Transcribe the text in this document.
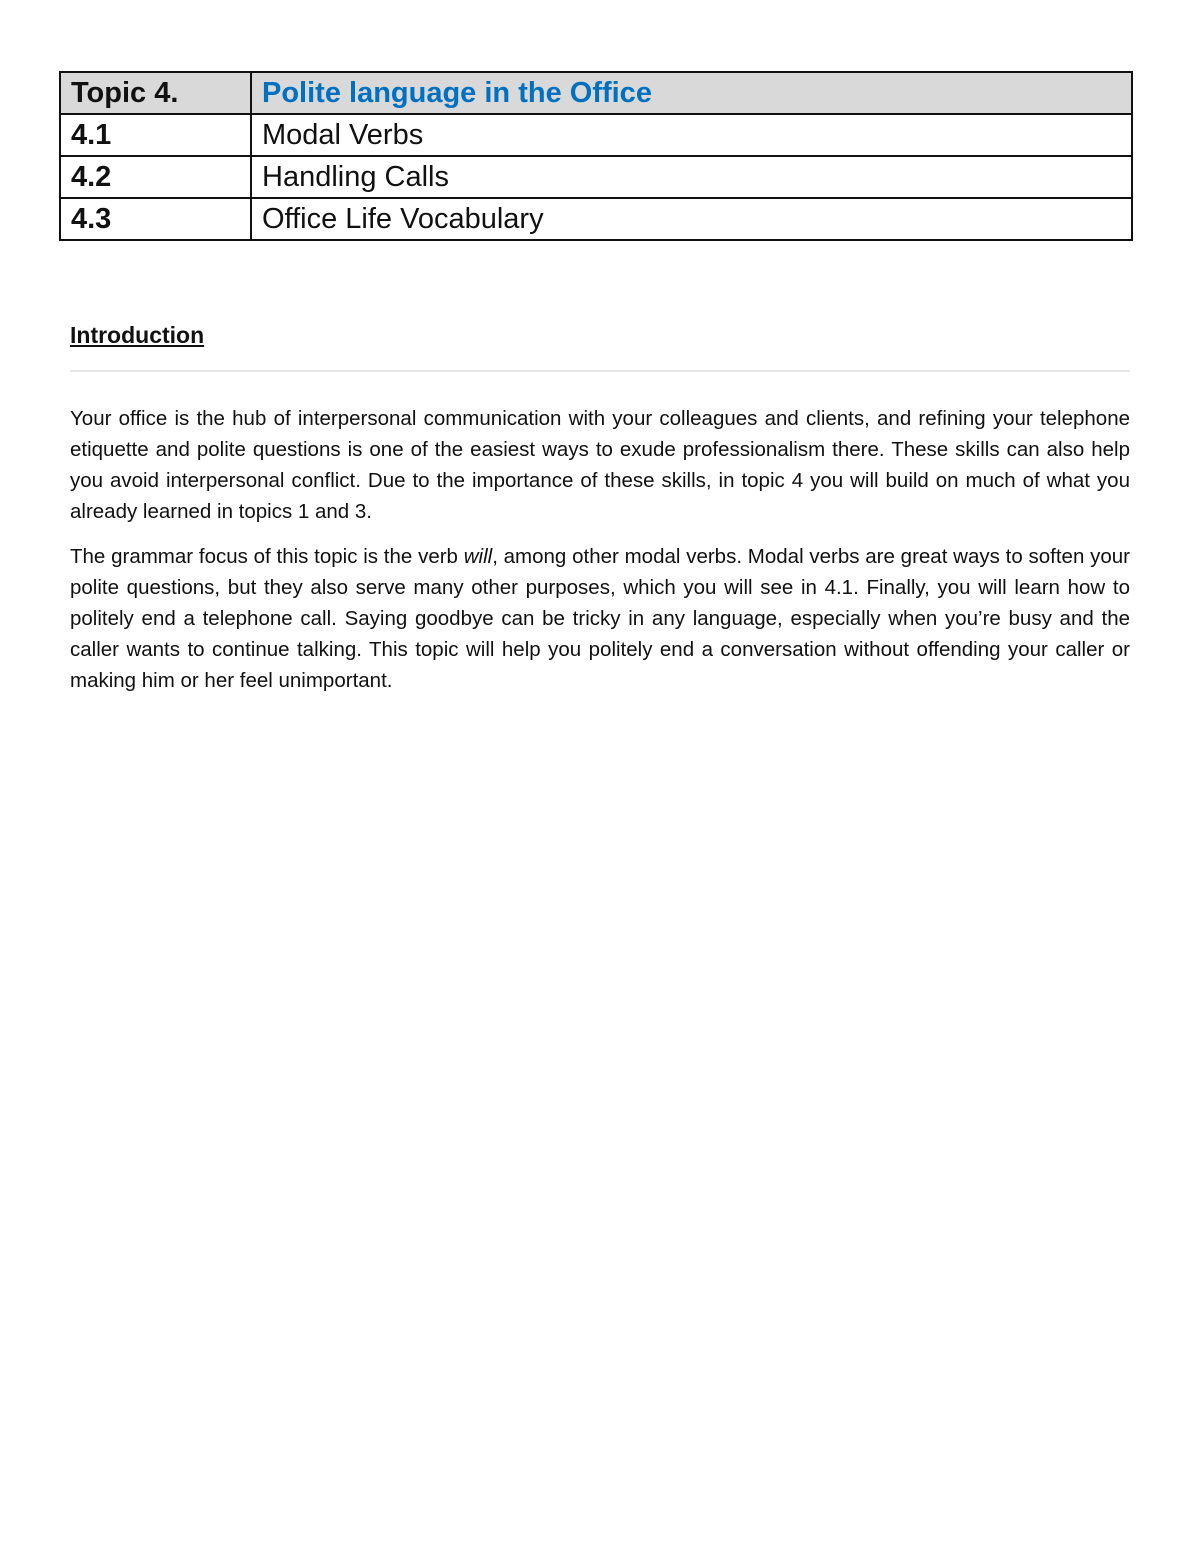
Topic 4.	Polite language in the Office
4.1	Modal Verbs
4.2	Handling Calls
4.3	Office Life Vocabulary
Introduction

Your office is the hub of interpersonal communication with your colleagues and clients, and refining your telephone etiquette and polite questions is one of the easiest ways to exude professionalism there. These skills can also help you avoid interpersonal conflict. Due to the importance of these skills, in topic 4 you will build on much of what you already learned in topics 1 and 3.

The grammar focus of this topic is the verb will, among other modal verbs. Modal verbs are great ways to soften your polite questions, but they also serve many other purposes, which you will see in 4.1. Finally, you will learn how to politely end a telephone call. Saying goodbye can be tricky in any language, especially when you’re busy and the caller wants to continue talking. This topic will help you politely end a conversation without offending your caller or making him or her feel unimportant.
